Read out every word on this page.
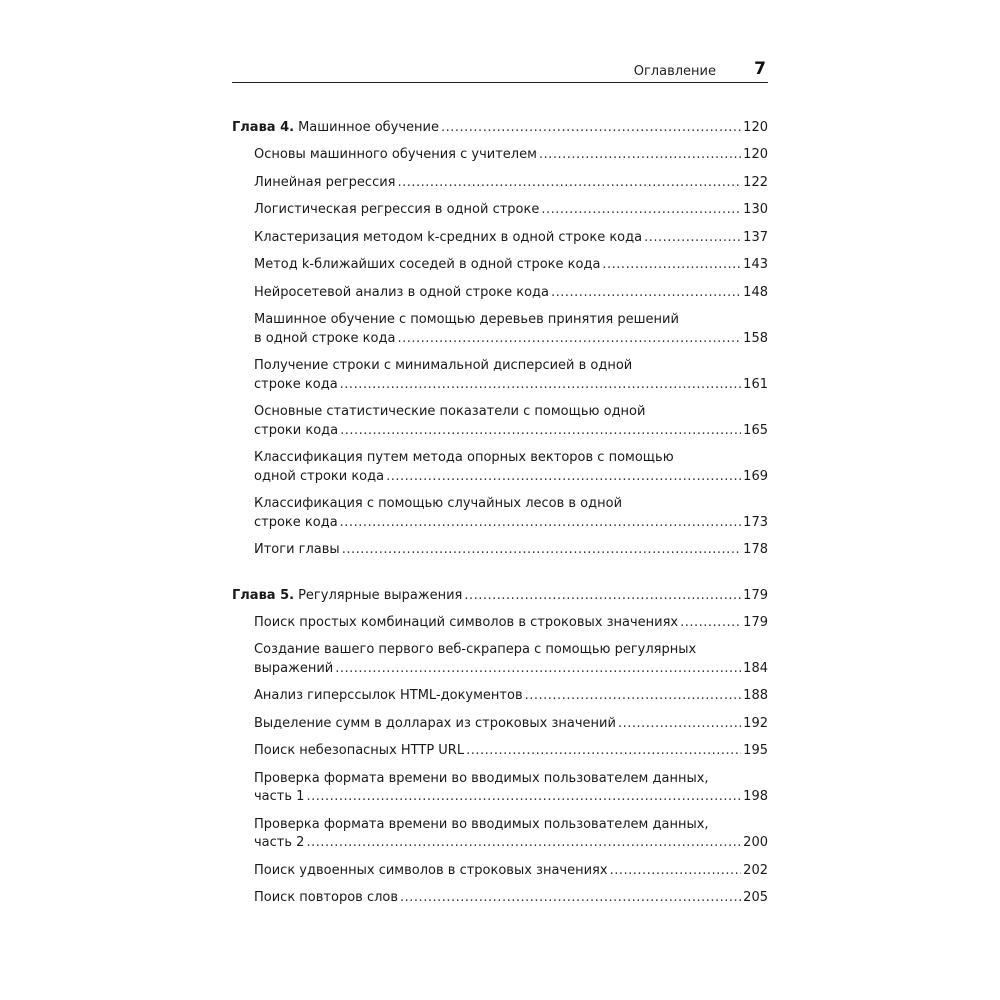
Оглавление 7
Глава 4. Машинное обучение .....	120
Основы машинного обучения с учителем .....	120
Линейная регрессия .....	122
Логистическая регрессия в одной строке .....	130
Кластеризация методом k-средних в одной строке кода .....	137
Метод k-ближайших соседей в одной строке кода .....	143
Нейросетевой анализ в одной строке кода .....	148
Машинное обучение с помощью деревьев принятия решений
в одной строке кода .....	158
Получение строки с минимальной дисперсией в одной
строке кода .....	161
Основные статистические показатели с помощью одной
строки кода .....	165
Классификация путем метода опорных векторов с помощью
одной строки кода .....	169
Классификация с помощью случайных лесов в одной
строке кода .....	173
Итоги главы .....	178
Глава 5. Регулярные выражения .....	179
Поиск простых комбинаций символов в строковых значениях .....	179
Создание вашего первого веб-скрапера с помощью регулярных
выражений .....	184
Анализ гиперссылок HTML-документов .....	188
Выделение сумм в долларах из строковых значений .....	192
Поиск небезопасных HTTP URL .....	195
Проверка формата времени во вводимых пользователем данных,
часть 1 .....	198
Проверка формата времени во вводимых пользователем данных,
часть 2 .....	200
Поиск удвоенных символов в строковых значениях .....	202
Поиск повторов слов .....	205
